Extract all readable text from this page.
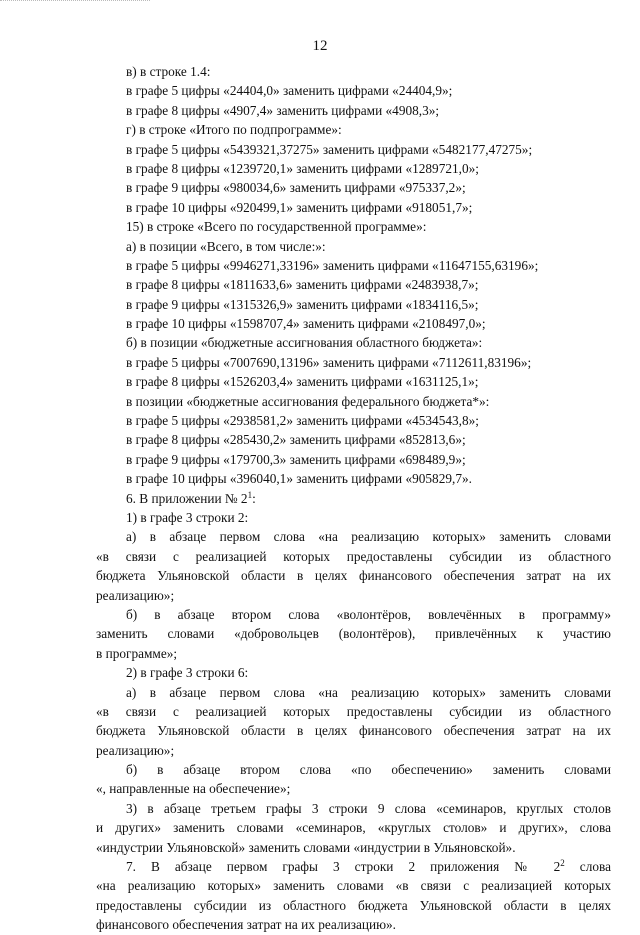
12
в) в строке 1.4:
в графе 5 цифры «24404,0» заменить цифрами «24404,9»;
в графе 8 цифры «4907,4» заменить цифрами «4908,3»;
г) в строке «Итого по подпрограмме»:
в графе 5 цифры «5439321,37275» заменить цифрами «5482177,47275»;
в графе 8 цифры «1239720,1» заменить цифрами «1289721,0»;
в графе 9 цифры «980034,6» заменить цифрами «975337,2»;
в графе 10 цифры «920499,1» заменить цифрами «918051,7»;
15) в строке «Всего по государственной программе»:
а) в позиции «Всего, в том числе:»:
в графе 5 цифры «9946271,33196» заменить цифрами «11647155,63196»;
в графе 8 цифры «1811633,6» заменить цифрами «2483938,7»;
в графе 9 цифры «1315326,9» заменить цифрами «1834116,5»;
в графе 10 цифры «1598707,4» заменить цифрами «2108497,0»;
б) в позиции «бюджетные ассигнования областного бюджета»:
в графе 5 цифры «7007690,13196» заменить цифрами «7112611,83196»;
в графе 8 цифры «1526203,4» заменить цифрами «1631125,1»;
в позиции «бюджетные ассигнования федерального бюджета*»:
в графе 5 цифры «2938581,2» заменить цифрами «4534543,8»;
в графе 8 цифры «285430,2» заменить цифрами «852813,6»;
в графе 9 цифры «179700,3» заменить цифрами «698489,9»;
в графе 10 цифры «396040,1» заменить цифрами «905829,7».
6. В приложении № $2^1$:
1) в графе 3 строки 2:
а) в абзаце первом слова «на реализацию которых» заменить словами
«в связи с реализацией которых предоставлены субсидии из областного
бюджета Ульяновской области в целях финансового обеспечения затрат на их
реализацию»;
б) в абзаце втором слова «волонтёров, вовлечённых в программу»
заменить словами «добровольцев (волонтёров), привлечённых к участию
в программе»;
2) в графе 3 строки 6:
а) в абзаце первом слова «на реализацию которых» заменить словами
«в связи с реализацией которых предоставлены субсидии из областного
бюджета Ульяновской области в целях финансового обеспечения затрат на их
реализацию»;
б) в абзаце втором слова «по обеспечению» заменить словами
«, направленные на обеспечение»;
3) в абзаце третьем графы 3 строки 9 слова «семинаров, круглых столов
и других» заменить словами «семинаров, «круглых столов» и других», слова
«индустрии Ульяновской» заменить словами «индустрии в Ульяновской».
7. В абзаце первом графы 3 строки 2 приложения № $2^2$ слова
«на реализацию которых» заменить словами «в связи с реализацией которых
предоставлены субсидии из областного бюджета Ульяновской области в целях
финансового обеспечения затрат на их реализацию».
